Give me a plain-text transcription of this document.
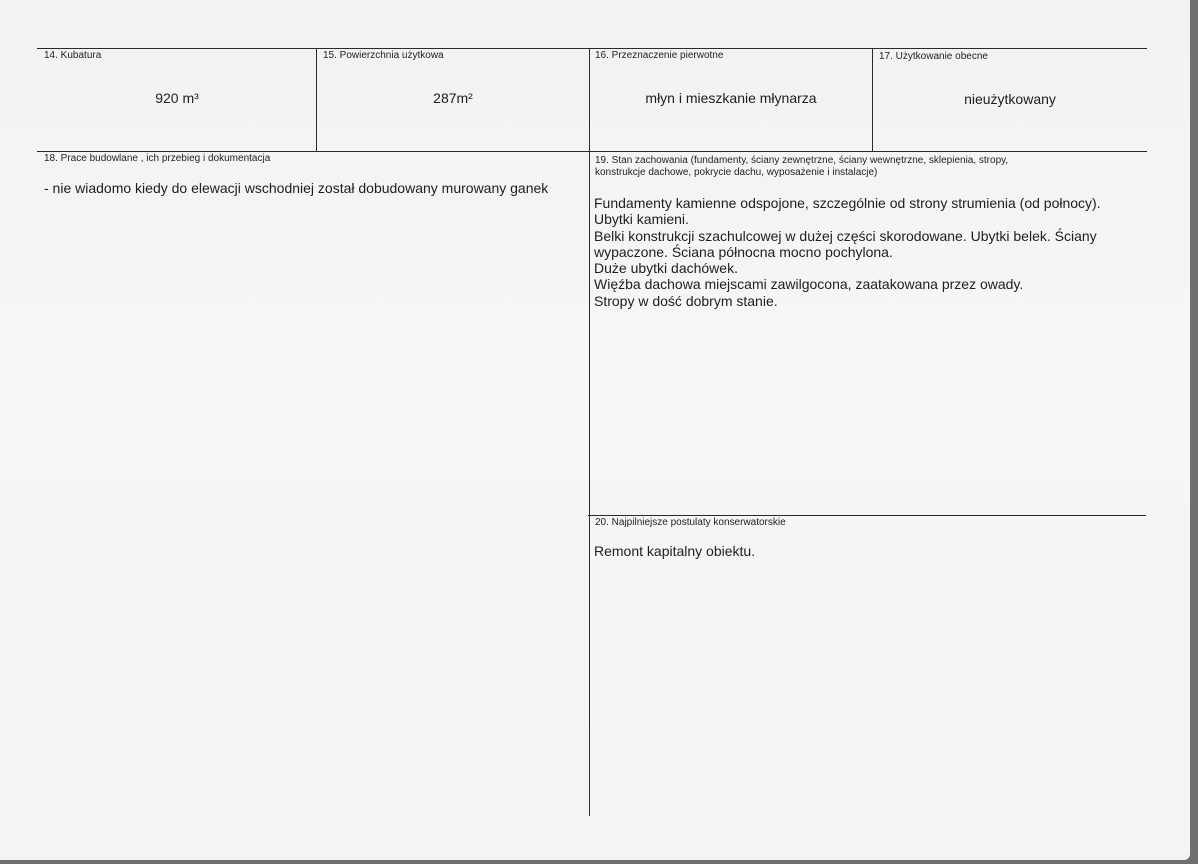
14. Kubatura
920 m³
15. Powierzchnia użytkowa
287m²
16. Przeznaczenie pierwotne
młyn i mieszkanie młynarza
17. Użytkowanie obecne
nieużytkowany
18. Prace budowlane , ich przebieg i dokumentacja
- nie wiadomo kiedy do elewacji wschodniej został dobudowany murowany ganek
19. Stan zachowania (fundamenty, ściany zewnętrzne, ściany wewnętrzne, sklepienia, stropy,
konstrukcje dachowe, pokrycie dachu, wyposażenie i instalacje)
Fundamenty kamienne odspojone, szczególnie od strony strumienia (od połnocy).
Ubytki kamieni.
Belki konstrukcji szachulcowej w dużej części skorodowane. Ubytki belek. Ściany
wypaczone. Ściana północna mocno pochylona.
Duże ubytki dachówek.
Więźba dachowa miejscami zawilgocona, zaatakowana przez owady.
Stropy w dość dobrym stanie.
20. Najpilniejsze postulaty konserwatorskie
Remont kapitalny obiektu.
